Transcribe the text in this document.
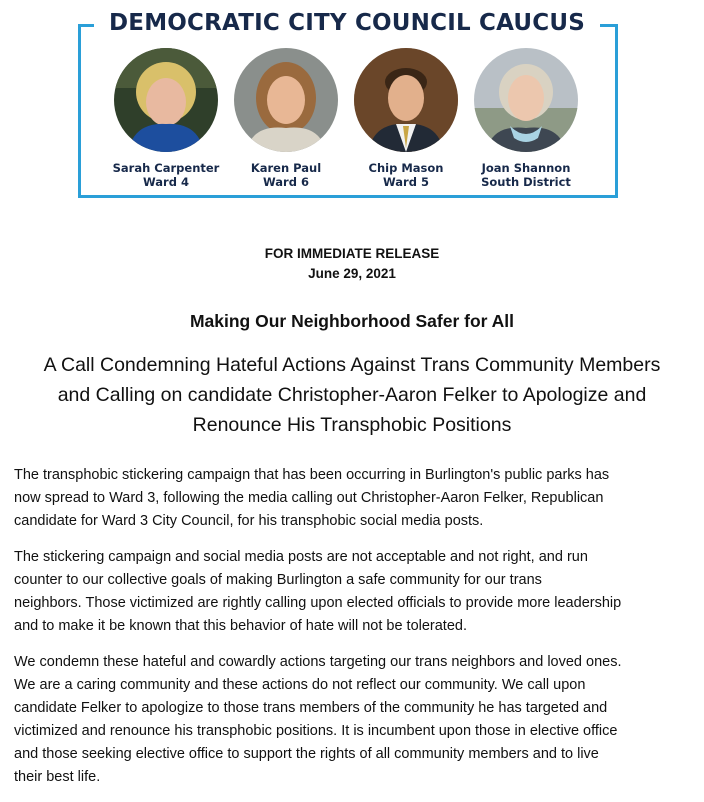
DEMOCRATIC CITY COUNCIL CAUCUS
Sarah Carpenter
Ward 4
Karen Paul
Ward 6
Chip Mason
Ward 5
Joan Shannon
South District
FOR IMMEDIATE RELEASE
June 29, 2021
Making Our Neighborhood Safer for All
A Call Condemning Hateful Actions Against Trans Community Members
and Calling on candidate Christopher-Aaron Felker to Apologize and
Renounce His Transphobic Positions

The transphobic stickering campaign that has been occurring in Burlington's public parks has
now spread to Ward 3, following the media calling out Christopher-Aaron Felker, Republican
candidate for Ward 3 City Council, for his transphobic social media posts.

The stickering campaign and social media posts are not acceptable and not right, and run
counter to our collective goals of making Burlington a safe community for our trans
neighbors. Those victimized are rightly calling upon elected officials to provide more leadership
and to make it be known that this behavior of hate will not be tolerated.

We condemn these hateful and cowardly actions targeting our trans neighbors and loved ones.
We are a caring community and these actions do not reflect our community. We call upon
candidate Felker to apologize to those trans members of the community he has targeted and
victimized and renounce his transphobic positions. It is incumbent upon those in elective office
and those seeking elective office to support the rights of all community members and to live
their best life.
